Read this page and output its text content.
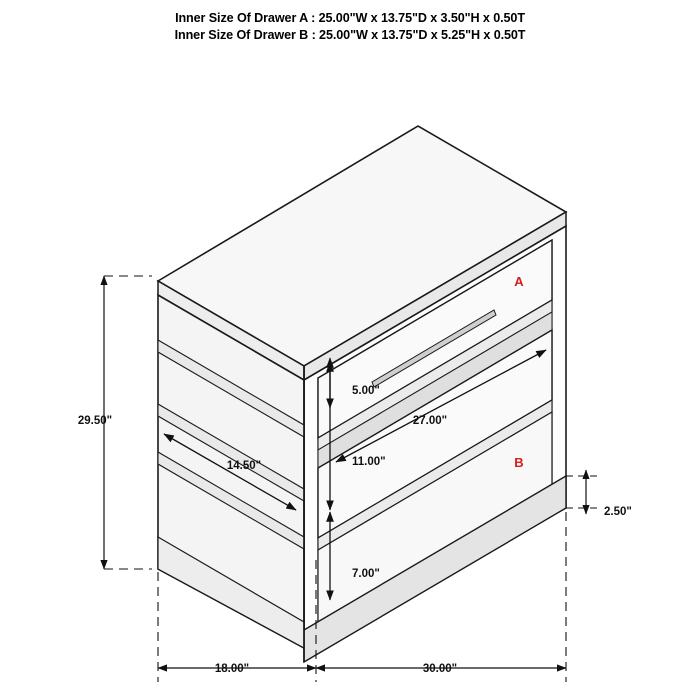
Inner Size Of Drawer A : 25.00"W x 13.75"D x 3.50"H x 0.50T
Inner Size Of Drawer B : 25.00"W x 13.75"D x 5.25"H x 0.50T
29.50"
14.50"
5.00"
11.00"
7.00"
27.00"
2.50"
18.00"	30.00"
A
B
